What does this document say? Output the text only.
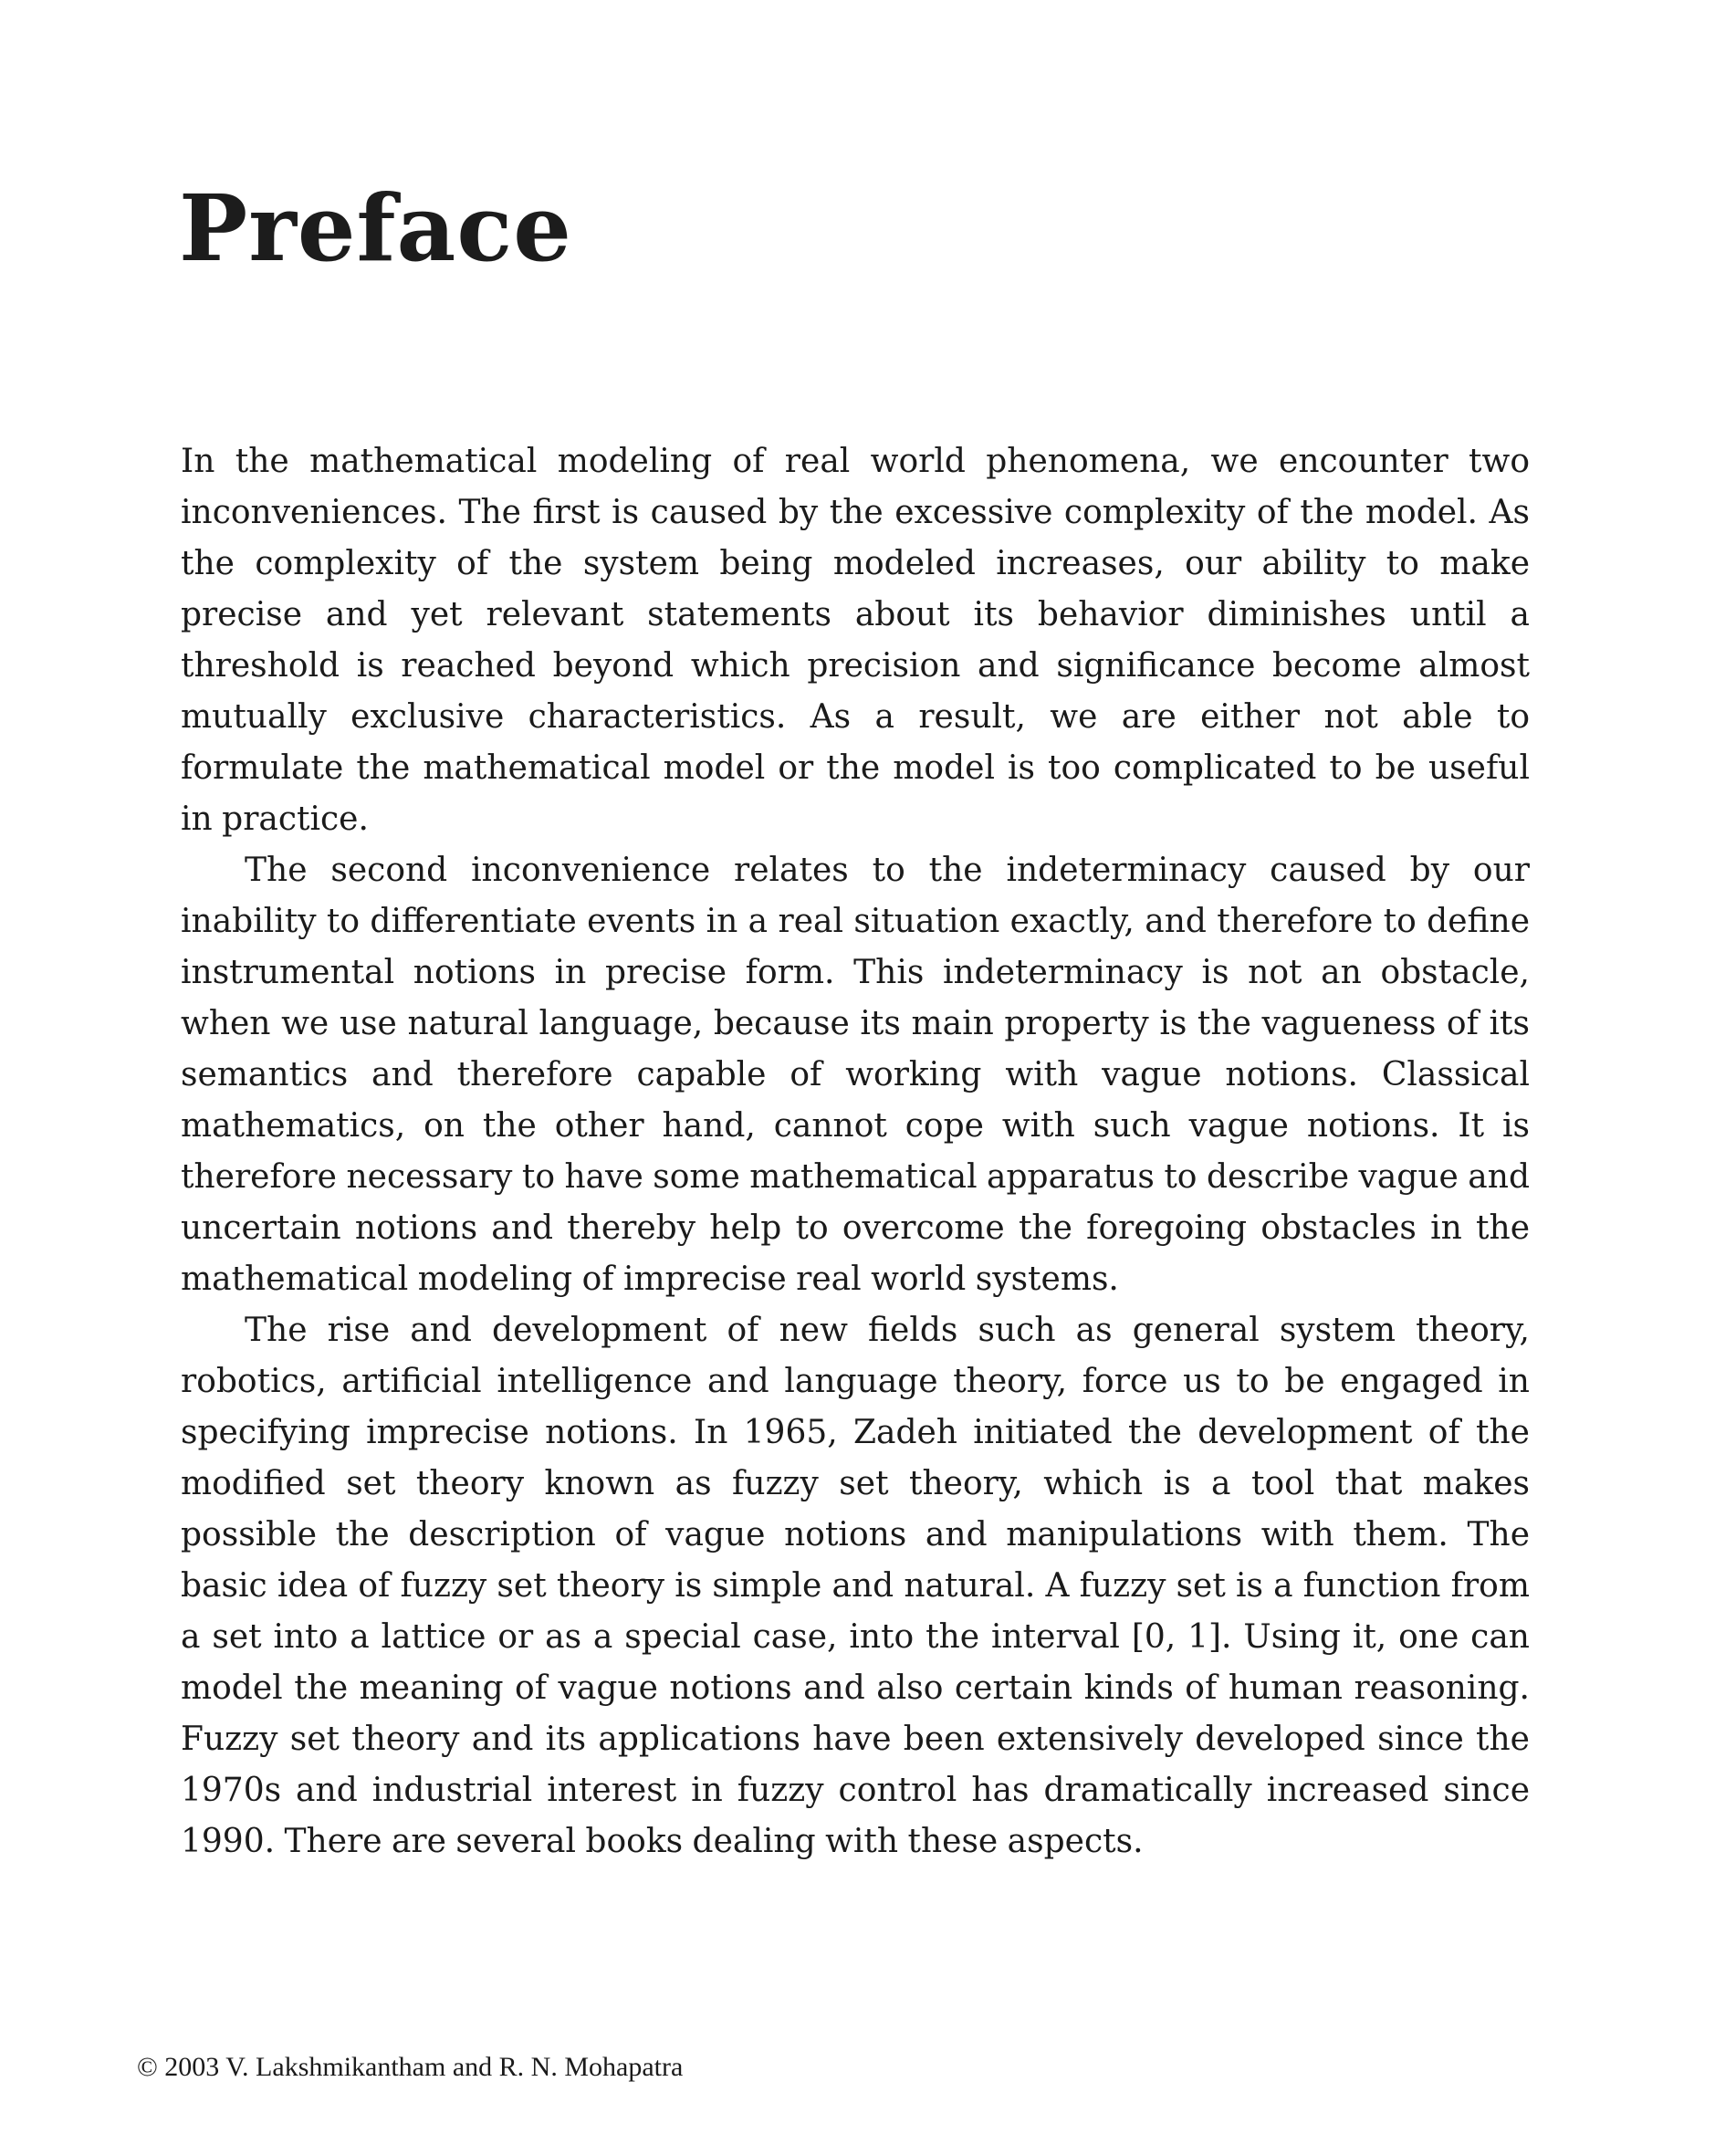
Preface

In the mathematical modeling of real world phenomena, we encounter two inconveniences. The first is caused by the excessive complexity of the model. As the complexity of the system being modeled increases, our ability to make precise and yet relevant statements about its behavior diminishes until a threshold is reached beyond which precision and significance become almost mutually exclusive characteristics. As a result, we are either not able to formulate the mathematical model or the model is too complicated to be useful in practice.

The second inconvenience relates to the indeterminacy caused by our inability to differentiate events in a real situation exactly, and therefore to define instrumental notions in precise form. This indeterminacy is not an obstacle, when we use natural language, because its main property is the vagueness of its semantics and therefore capable of working with vague notions. Classical mathematics, on the other hand, cannot cope with such vague notions. It is therefore necessary to have some mathematical apparatus to describe vague and uncertain notions and thereby help to overcome the foregoing obstacles in the mathematical modeling of imprecise real world systems.

The rise and development of new fields such as general system theory, robotics, artificial intelligence and language theory, force us to be engaged in specifying imprecise notions. In 1965, Zadeh initiated the development of the modified set theory known as fuzzy set theory, which is a tool that makes possible the description of vague notions and manipulations with them. The basic idea of fuzzy set theory is simple and natural. A fuzzy set is a function from a set into a lattice or as a special case, into the interval [0, 1]. Using it, one can model the meaning of vague notions and also certain kinds of human reasoning. Fuzzy set theory and its applications have been extensively developed since the 1970s and industrial interest in fuzzy control has dramatically increased since 1990. There are several books dealing with these aspects.

© 2003 V. Lakshmikantham and R. N. Mohapatra
